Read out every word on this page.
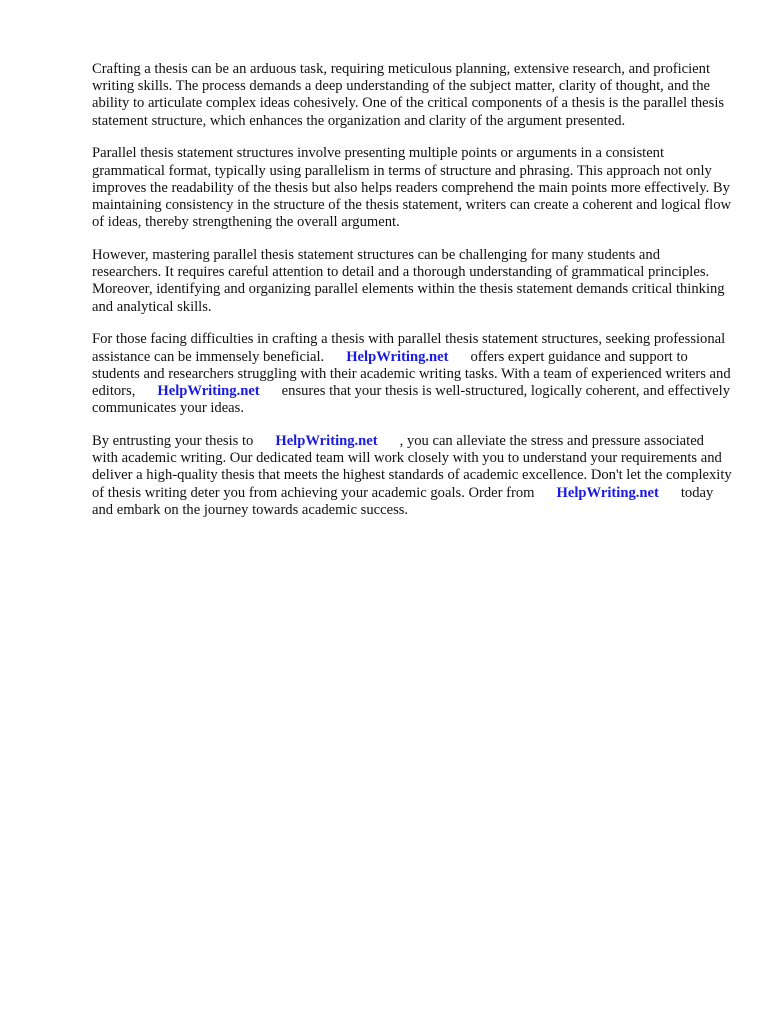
Crafting a thesis can be an arduous task, requiring meticulous planning, extensive research, and proficient writing skills. The process demands a deep understanding of the subject matter, clarity of thought, and the ability to articulate complex ideas cohesively. One of the critical components of a thesis is the parallel thesis statement structure, which enhances the organization and clarity of the argument presented.

Parallel thesis statement structures involve presenting multiple points or arguments in a consistent grammatical format, typically using parallelism in terms of structure and phrasing. This approach not only improves the readability of the thesis but also helps readers comprehend the main points more effectively. By maintaining consistency in the structure of the thesis statement, writers can create a coherent and logical flow of ideas, thereby strengthening the overall argument.

However, mastering parallel thesis statement structures can be challenging for many students and researchers. It requires careful attention to detail and a thorough understanding of grammatical principles. Moreover, identifying and organizing parallel elements within the thesis statement demands critical thinking and analytical skills.

For those facing difficulties in crafting a thesis with parallel thesis statement structures, seeking professional assistance can be immensely beneficial. HelpWriting.net offers expert guidance and support to students and researchers struggling with their academic writing tasks. With a team of experienced writers and editors, HelpWriting.net ensures that your thesis is well-structured, logically coherent, and effectively communicates your ideas.

By entrusting your thesis to HelpWriting.net , you can alleviate the stress and pressure associated with academic writing. Our dedicated team will work closely with you to understand your requirements and deliver a high-quality thesis that meets the highest standards of academic excellence. Don't let the complexity of thesis writing deter you from achieving your academic goals. Order from HelpWriting.net today and embark on the journey towards academic success.
